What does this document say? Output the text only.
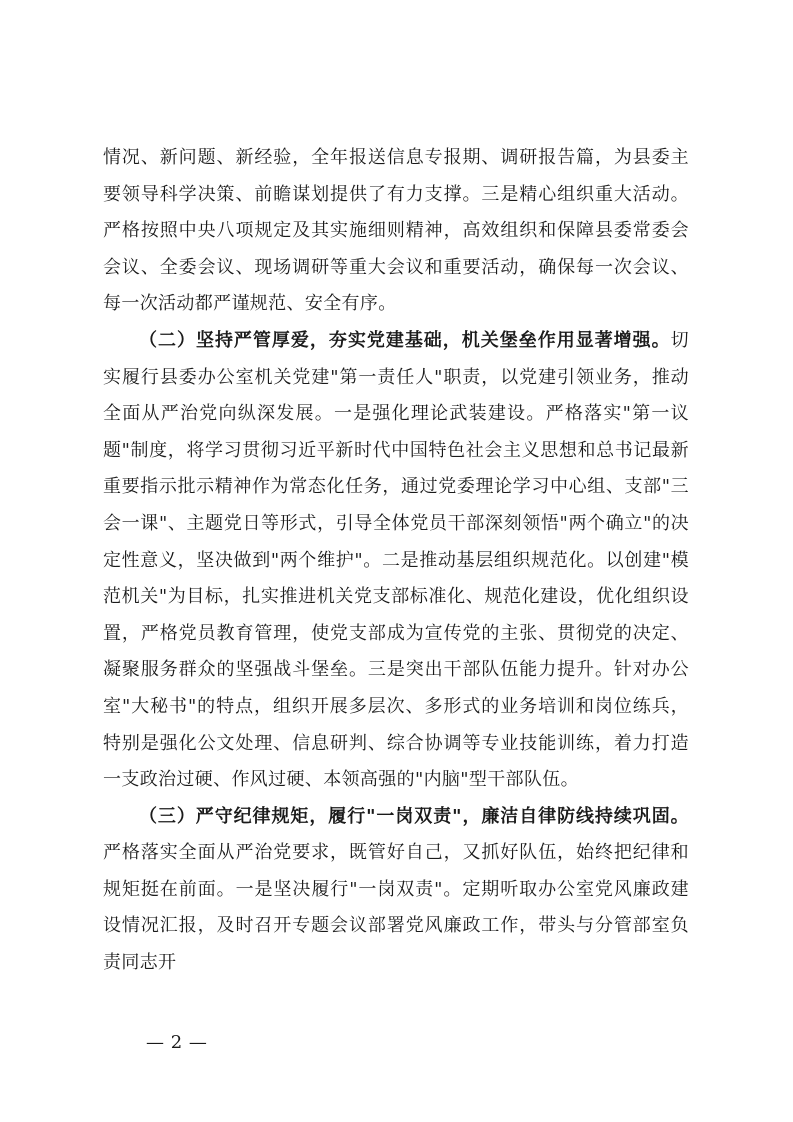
情况、新问题、新经验，全年报送信息专报期、调研报告篇，为县委主要领导科学决策、前瞻谋划提供了有力支撑。三是精心组织重大活动。严格按照中央八项规定及其实施细则精神，高效组织和保障县委常委会会议、全委会议、现场调研等重大会议和重要活动，确保每一次会议、每一次活动都严谨规范、安全有序。

（二）坚持严管厚爱，夯实党建基础，机关堡垒作用显著增强。切实履行县委办公室机关党建"第一责任人"职责，以党建引领业务，推动全面从严治党向纵深发展。一是强化理论武装建设。严格落实"第一议题"制度，将学习贯彻习近平新时代中国特色社会主义思想和总书记最新重要指示批示精神作为常态化任务，通过党委理论学习中心组、支部"三会一课"、主题党日等形式，引导全体党员干部深刻领悟"两个确立"的决定性意义，坚决做到"两个维护"。二是推动基层组织规范化。以创建"模范机关"为目标，扎实推进机关党支部标准化、规范化建设，优化组织设置，严格党员教育管理，使党支部成为宣传党的主张、贯彻党的决定、凝聚服务群众的坚强战斗堡垒。三是突出干部队伍能力提升。针对办公室"大秘书"的特点，组织开展多层次、多形式的业务培训和岗位练兵，特别是强化公文处理、信息研判、综合协调等专业技能训练，着力打造一支政治过硬、作风过硬、本领高强的"内脑"型干部队伍。

（三）严守纪律规矩，履行"一岗双责"，廉洁自律防线持续巩固。严格落实全面从严治党要求，既管好自己，又抓好队伍，始终把纪律和规矩挺在前面。一是坚决履行"一岗双责"。定期听取办公室党风廉政建设情况汇报，及时召开专题会议部署党风廉政工作，带头与分管部室负责同志开

— 2 —
